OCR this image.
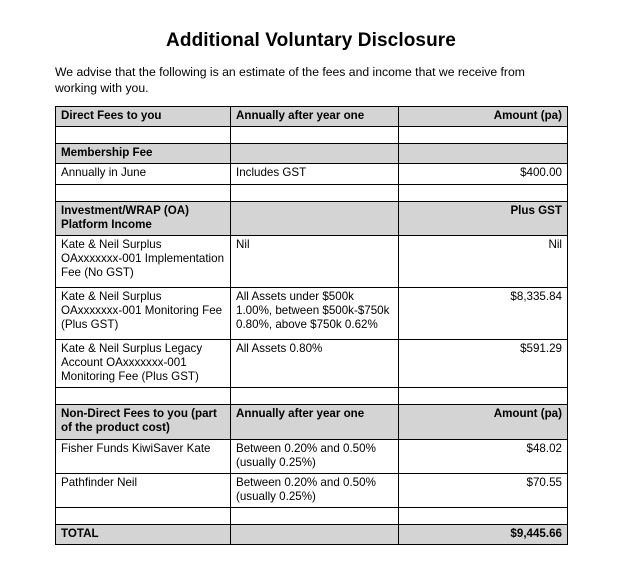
Additional Voluntary Disclosure

We advise that the following is an estimate of the fees and income that we receive from working with you.

Direct Fees to you	Annually after year one	Amount (pa)

Membership Fee		
Annually in June	Includes GST	$400.00

Investment/WRAP (OA) Platform Income		Plus GST
Kate & Neil Surplus OAxxxxxxx-001 Implementation Fee (No GST)	Nil	Nil
Kate & Neil Surplus OAxxxxxxx-001 Monitoring Fee (Plus GST)	All Assets under $500k 1.00%, between $500k-$750k 0.80%, above $750k 0.62%	$8,335.84
Kate & Neil Surplus Legacy Account OAxxxxxxx-001 Monitoring Fee (Plus GST)	All Assets 0.80%	$591.29

Non-Direct Fees to you (part of the product cost)	Annually after year one	Amount (pa)
Fisher Funds KiwiSaver Kate	Between 0.20% and 0.50% (usually 0.25%)	$48.02
Pathfinder Neil	Between 0.20% and 0.50% (usually 0.25%)	$70.55

TOTAL		$9,445.66
